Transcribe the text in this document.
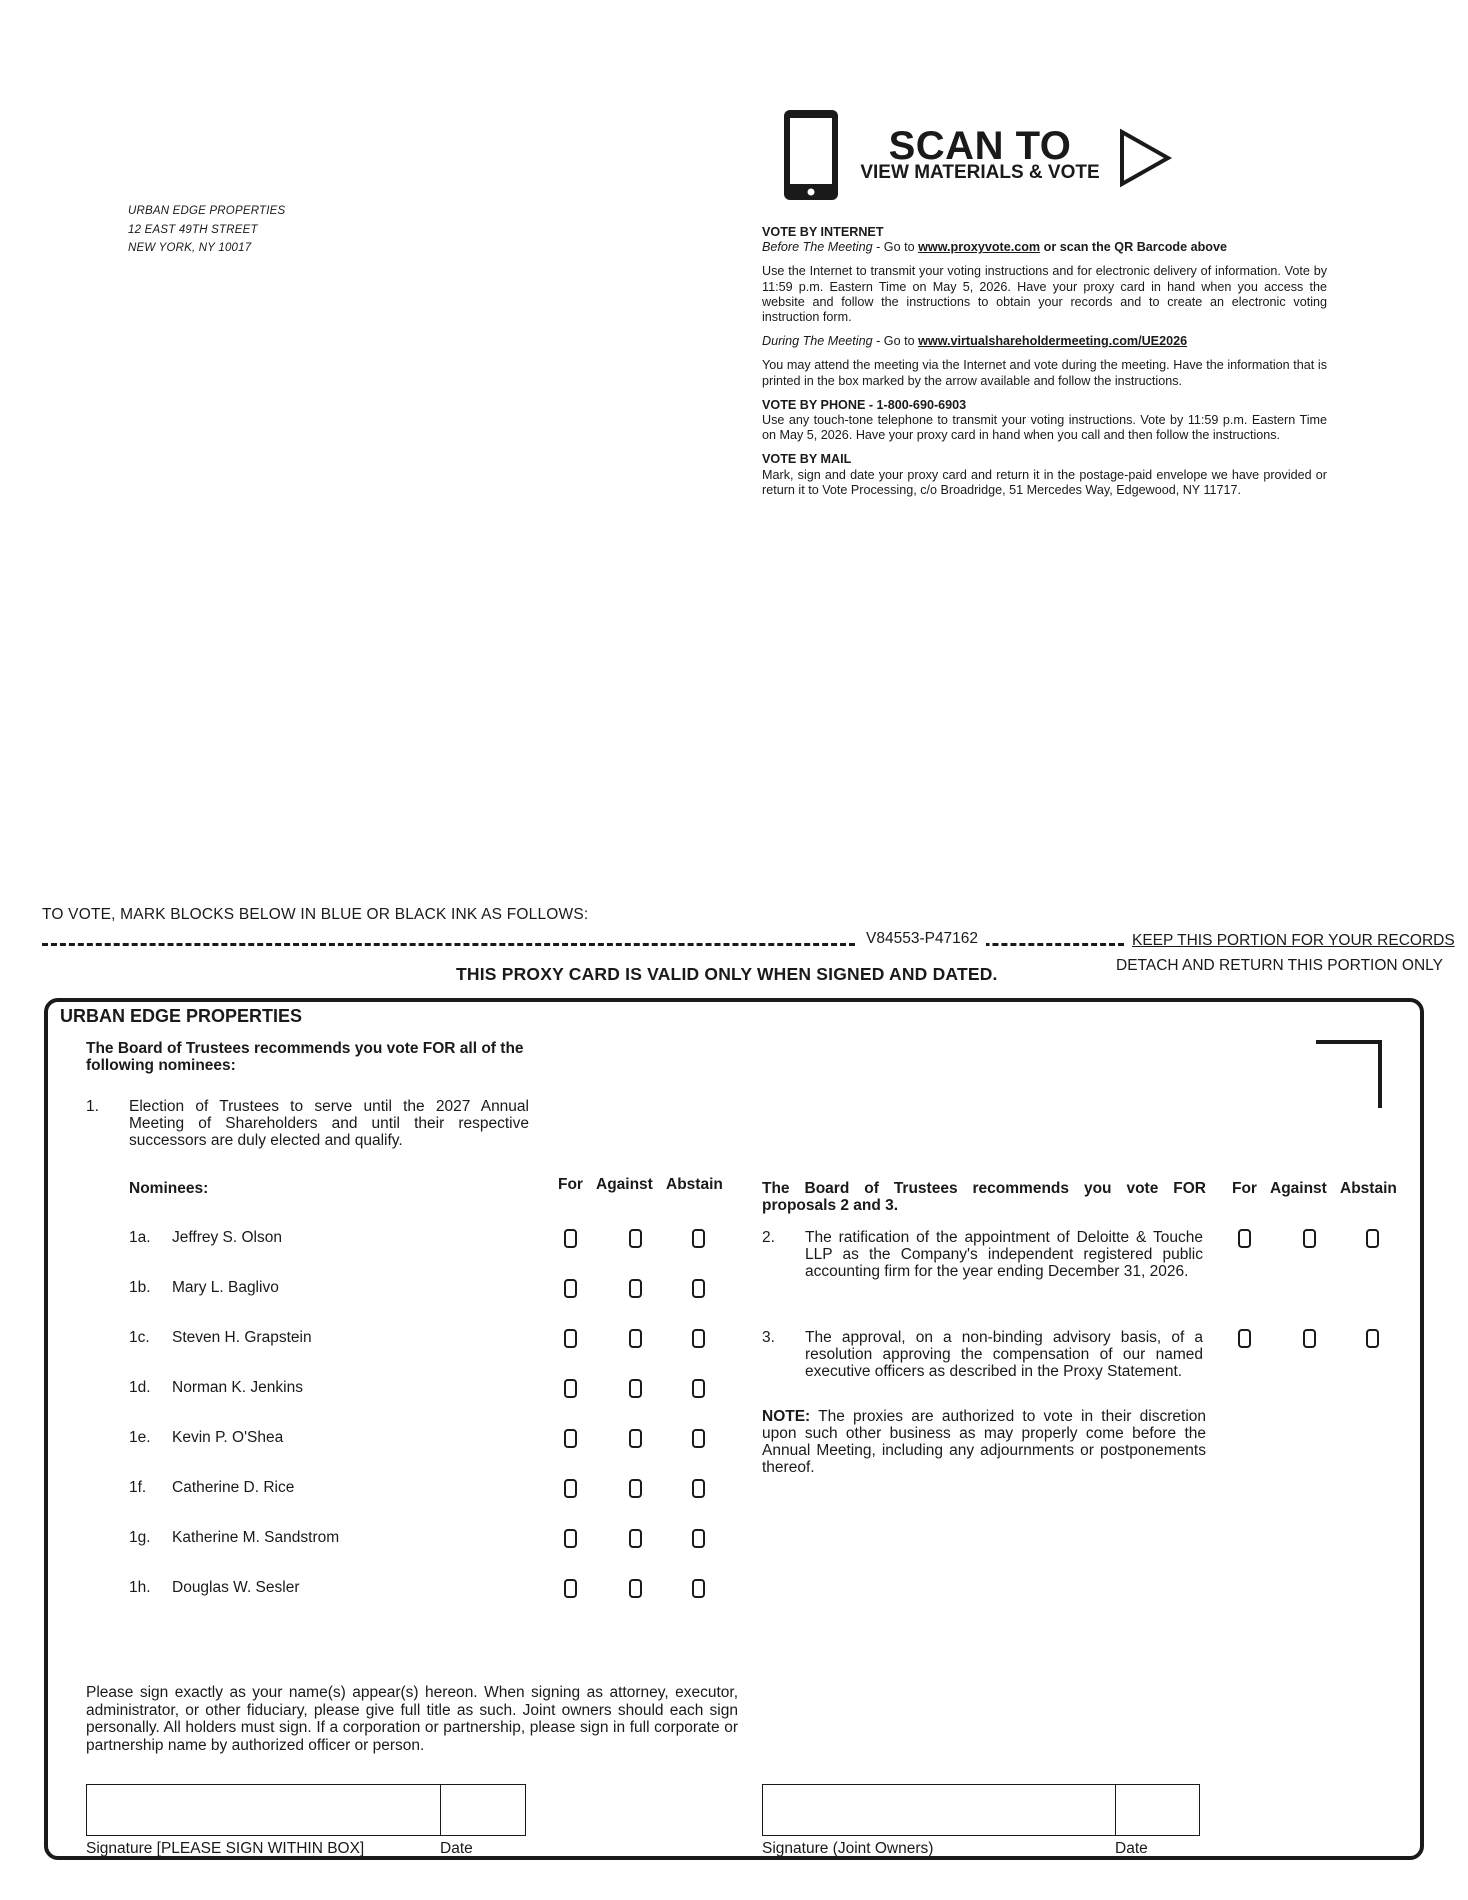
URBAN EDGE PROPERTIES
12 EAST 49TH STREET
NEW YORK, NY 10017
SCAN TO
VIEW MATERIALS & VOTE

VOTE BY INTERNET
Before The Meeting - Go to www.proxyvote.com or scan the QR Barcode above

Use the Internet to transmit your voting instructions and for electronic delivery of information. Vote by 11:59 p.m. Eastern Time on May 5, 2026. Have your proxy card in hand when you access the website and follow the instructions to obtain your records and to create an electronic voting instruction form.

During The Meeting - Go to www.virtualshareholdermeeting.com/UE2026

You may attend the meeting via the Internet and vote during the meeting. Have the information that is printed in the box marked by the arrow available and follow the instructions.

VOTE BY PHONE - 1-800-690-6903
Use any touch-tone telephone to transmit your voting instructions. Vote by 11:59 p.m. Eastern Time on May 5, 2026. Have your proxy card in hand when you call and then follow the instructions.

VOTE BY MAIL
Mark, sign and date your proxy card and return it in the postage-paid envelope we have provided or return it to Vote Processing, c/o Broadridge, 51 Mercedes Way, Edgewood, NY 11717.

TO VOTE, MARK BLOCKS BELOW IN BLUE OR BLACK INK AS FOLLOWS:
V84553-P47162	KEEP THIS PORTION FOR YOUR RECORDS
DETACH AND RETURN THIS PORTION ONLY
THIS PROXY CARD IS VALID ONLY WHEN SIGNED AND DATED.
URBAN EDGE PROPERTIES
The Board of Trustees recommends you vote FOR all of the following nominees:
1. Election of Trustees to serve until the 2027 Annual Meeting of Shareholders and until their respective successors are duly elected and qualify.
Nominees:	For Against Abstain
1a. Jeffrey S. Olson
1b. Mary L. Baglivo
1c. Steven H. Grapstein
1d. Norman K. Jenkins
1e. Kevin P. O'Shea
1f. Catherine D. Rice
1g. Katherine M. Sandstrom
1h. Douglas W. Sesler
The Board of Trustees recommends you vote FOR proposals 2 and 3.
For Against Abstain
2. The ratification of the appointment of Deloitte & Touche LLP as the Company's independent registered public accounting firm for the year ending December 31, 2026.
3. The approval, on a non-binding advisory basis, of a resolution approving the compensation of our named executive officers as described in the Proxy Statement.
NOTE: The proxies are authorized to vote in their discretion upon such other business as may properly come before the Annual Meeting, including any adjournments or postponements thereof.
Please sign exactly as your name(s) appear(s) hereon. When signing as attorney, executor, administrator, or other fiduciary, please give full title as such. Joint owners should each sign personally. All holders must sign. If a corporation or partnership, please sign in full corporate or partnership name by authorized officer or person.
Signature [PLEASE SIGN WITHIN BOX]	Date	Signature (Joint Owners)	Date
